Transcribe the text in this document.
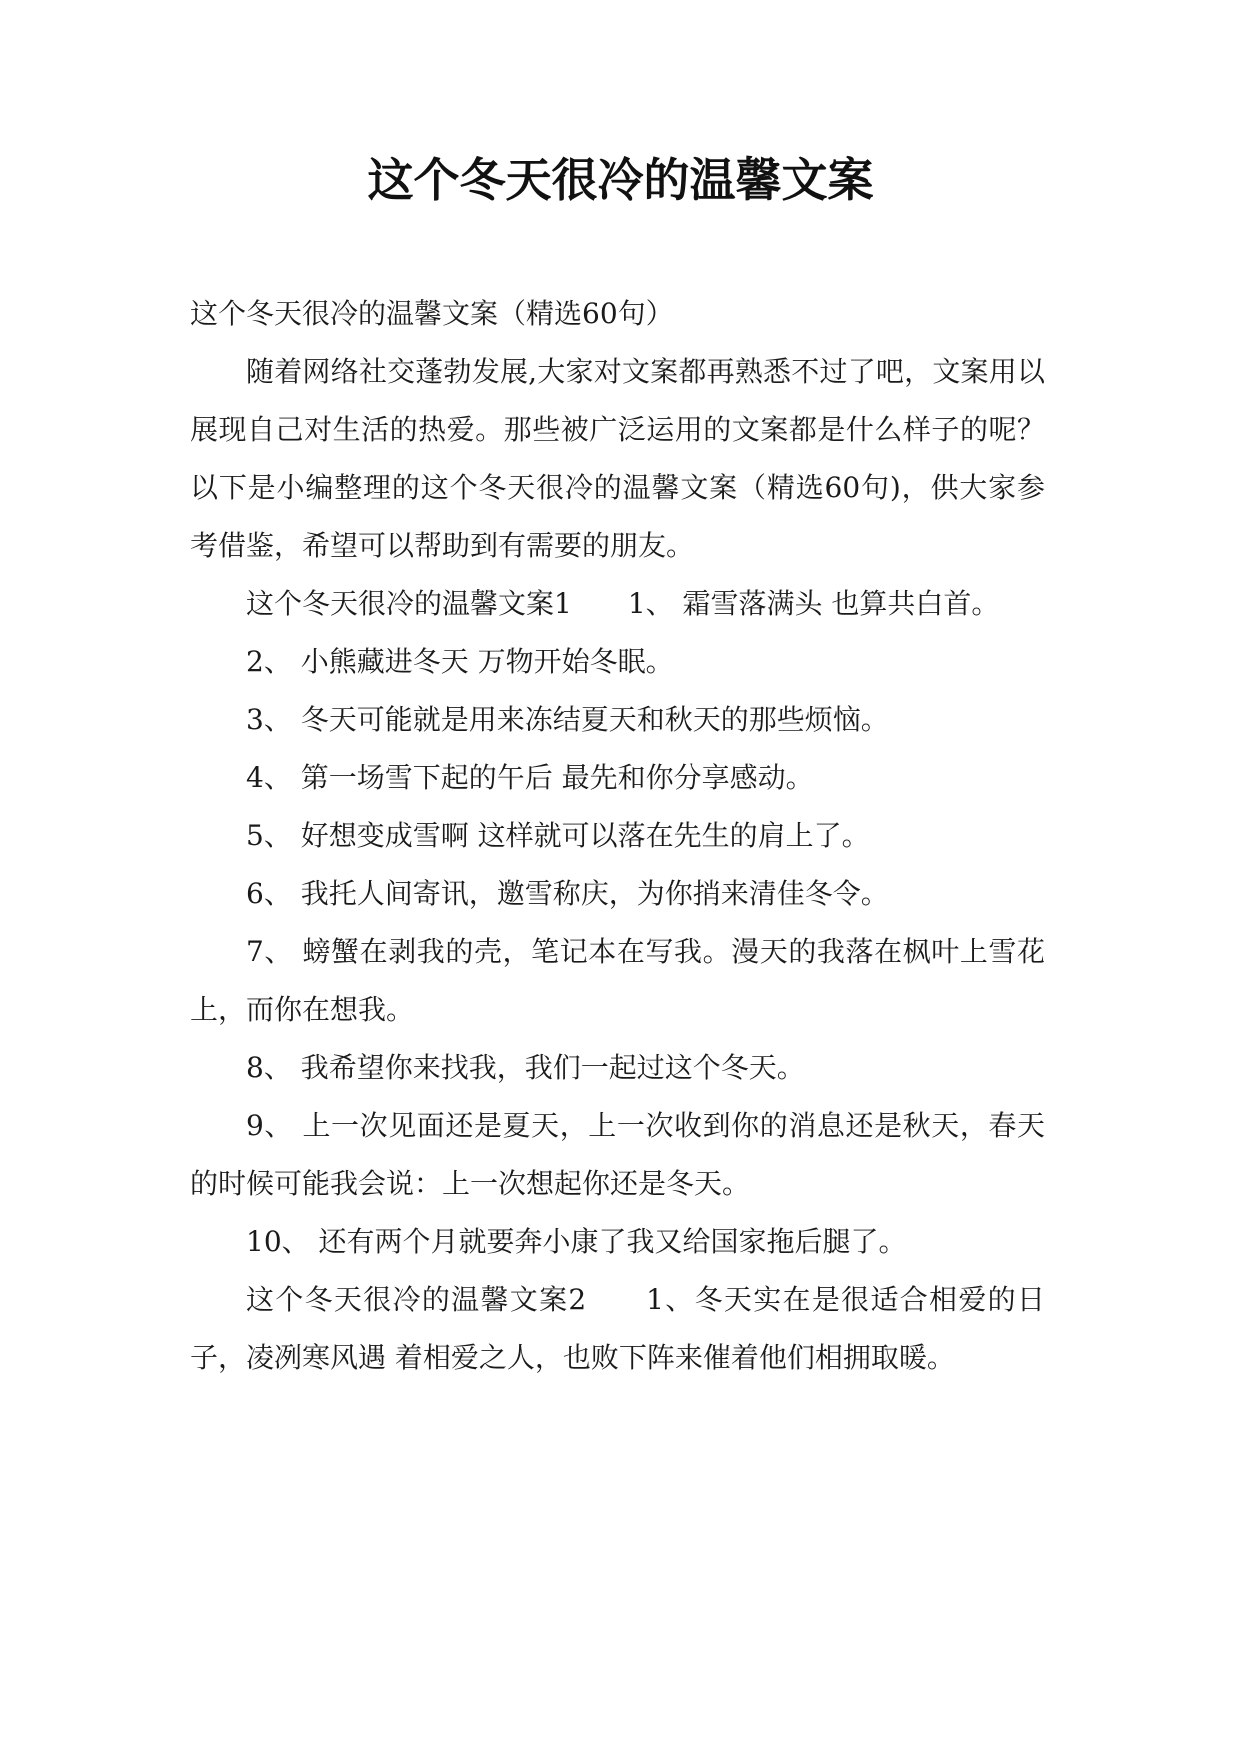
这个冬天很冷的温馨文案

这个冬天很冷的温馨文案（精选60句）

随着网络社交蓬勃发展,大家对文案都再熟悉不过了吧，文案用以展现自己对生活的热爱。那些被广泛运用的文案都是什么样子的呢？以下是小编整理的这个冬天很冷的温馨文案（精选60句)，供大家参考借鉴，希望可以帮助到有需要的朋友。

这个冬天很冷的温馨文案1　　1、 霜雪落满头 也算共白首。

2、 小熊藏进冬天 万物开始冬眠。

3、 冬天可能就是用来冻结夏天和秋天的那些烦恼。

4、 第一场雪下起的午后 最先和你分享感动。

5、 好想变成雪啊 这样就可以落在先生的肩上了。

6、 我托人间寄讯，邀雪称庆，为你捎来清佳冬令。

7、 螃蟹在剥我的壳，笔记本在写我。漫天的我落在枫叶上雪花上，而你在想我。

8、 我希望你来找我，我们一起过这个冬天。

9、 上一次见面还是夏天，上一次收到你的消息还是秋天，春天的时候可能我会说：上一次想起你还是冬天。

10、 还有两个月就要奔小康了我又给国家拖后腿了。

这个冬天很冷的温馨文案2　　1、冬天实在是很适合相爱的日子，凌冽寒风遇 着相爱之人，也败下阵来催着他们相拥取暖。
